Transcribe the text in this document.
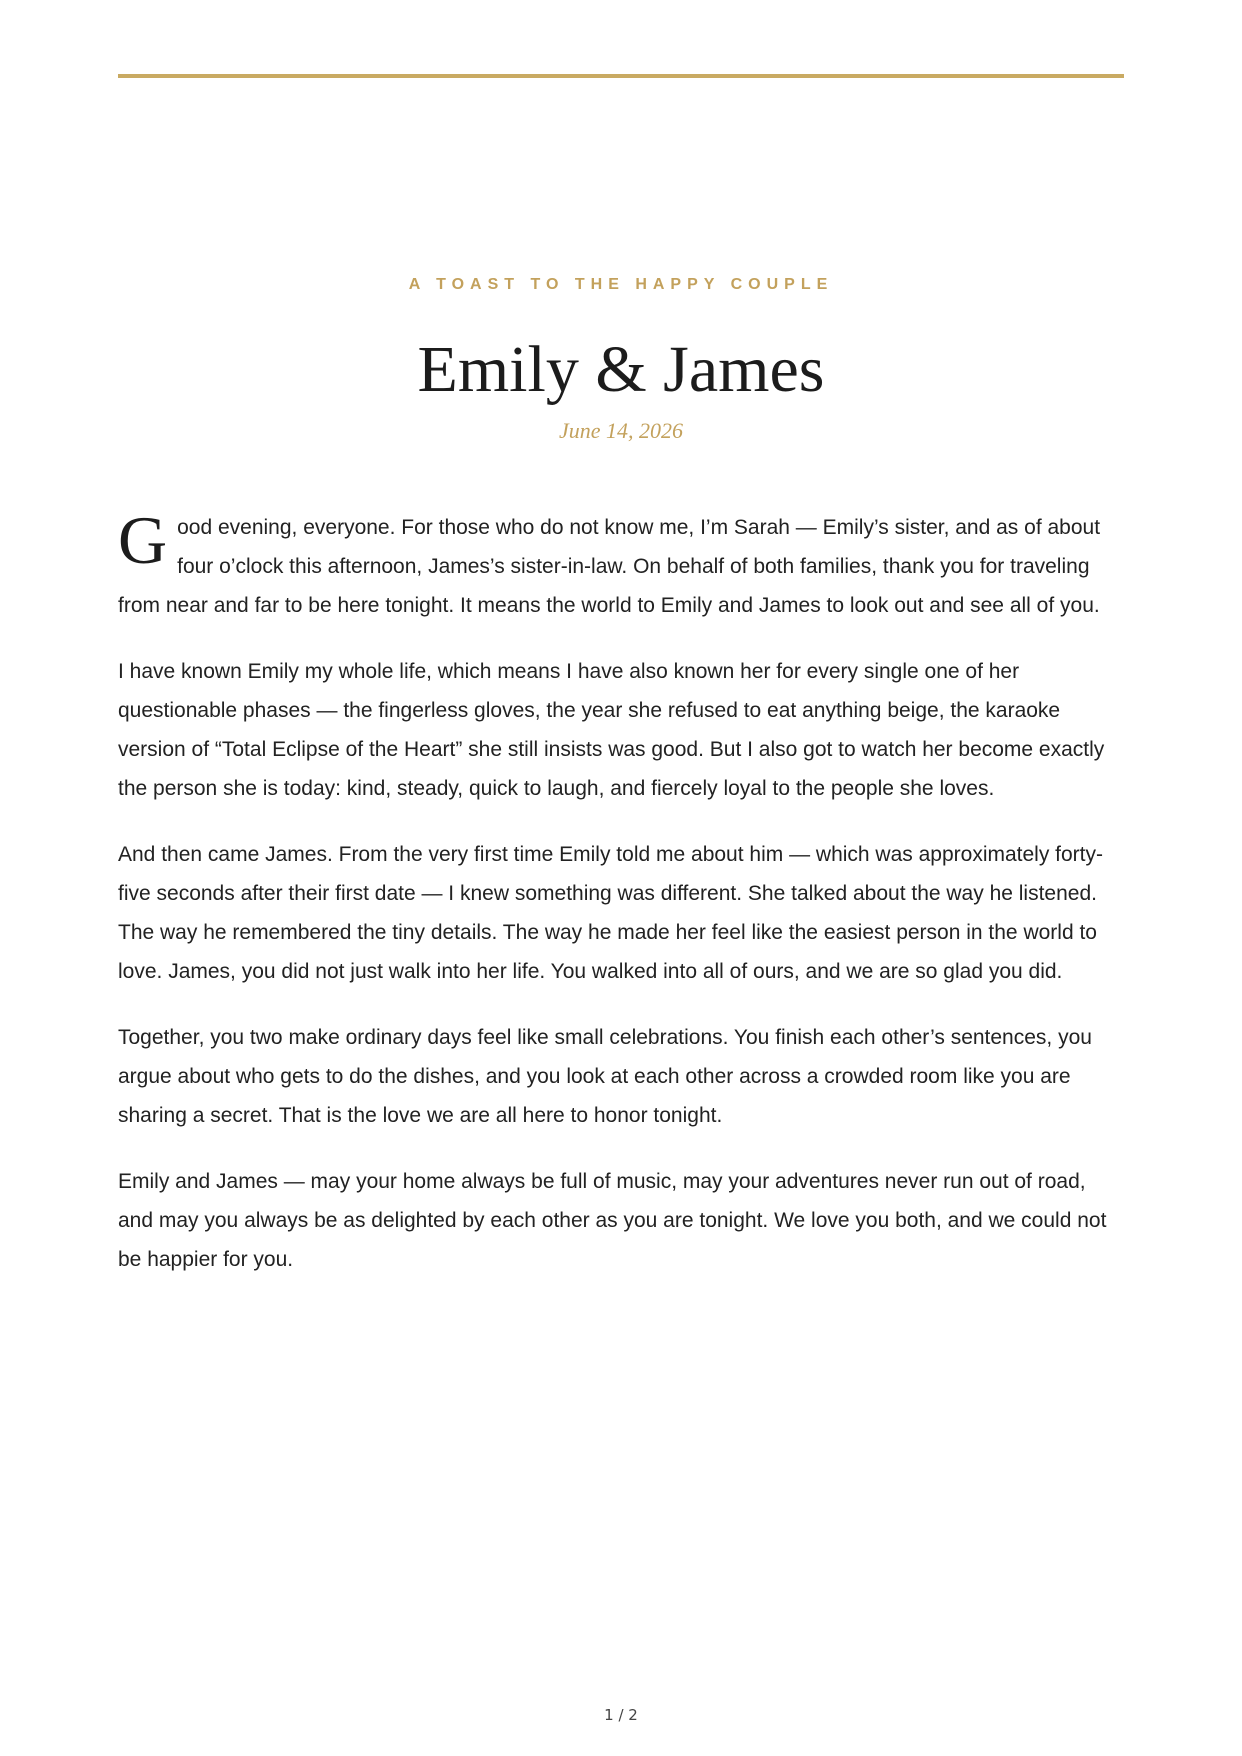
A TOAST TO THE HAPPY COUPLE
Emily & James
June 14, 2026

Good evening, everyone. For those who do not know me, I’m Sarah — Emily’s sister, and as of about four o’clock this afternoon, James’s sister-in-law. On behalf of both families, thank you for traveling from near and far to be here tonight. It means the world to Emily and James to look out and see all of you.

I have known Emily my whole life, which means I have also known her for every single one of her questionable phases — the fingerless gloves, the year she refused to eat anything beige, the karaoke version of “Total Eclipse of the Heart” she still insists was good. But I also got to watch her become exactly the person she is today: kind, steady, quick to laugh, and fiercely loyal to the people she loves.

And then came James. From the very first time Emily told me about him — which was approximately forty-five seconds after their first date — I knew something was different. She talked about the way he listened. The way he remembered the tiny details. The way he made her feel like the easiest person in the world to love. James, you did not just walk into her life. You walked into all of ours, and we are so glad you did.

Together, you two make ordinary days feel like small celebrations. You finish each other’s sentences, you argue about who gets to do the dishes, and you look at each other across a crowded room like you are sharing a secret. That is the love we are all here to honor tonight.

Emily and James — may your home always be full of music, may your adventures never run out of road, and may you always be as delighted by each other as you are tonight. We love you both, and we could not be happier for you.

1 / 2
